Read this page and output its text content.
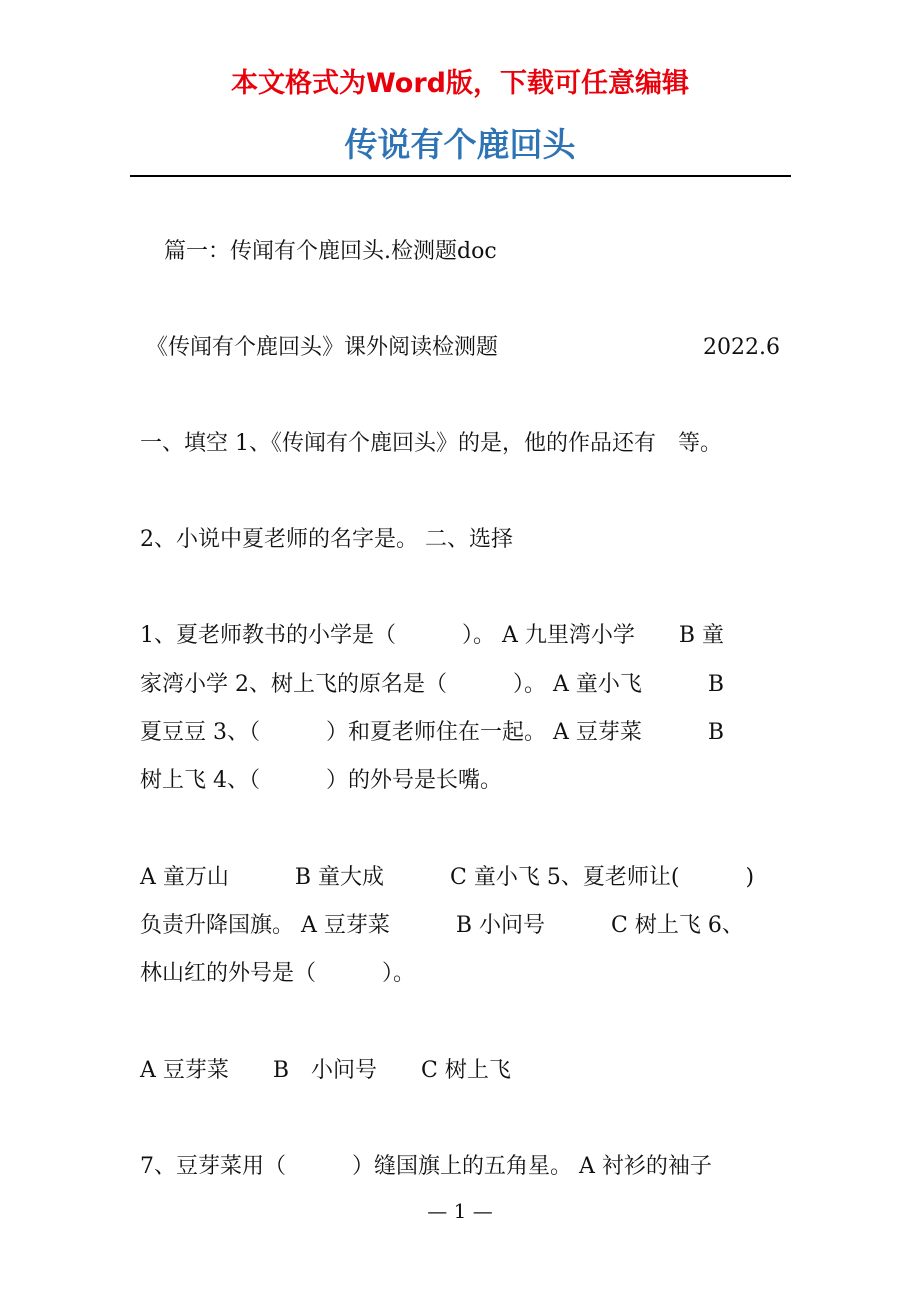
本文格式为Word版，下载可任意编辑
传说有个鹿回头
篇一：传闻有个鹿回头.检测题doc
《传闻有个鹿回头》课外阅读检测题	2022.6
一、填空 1、《传闻有个鹿回头》的是，他的作品还有　等。
2、小说中夏老师的名字是。 二、选择
1、夏老师教书的小学是（　　　）。 A 九里湾小学　　B 童
家湾小学 2、树上飞的原名是（　　　）。 A 童小飞　　　B
夏豆豆 3、（　　　）和夏老师住在一起。 A 豆芽菜　　　B
树上飞 4、（　　　）的外号是长嘴。
A 童万山　　　B 童大成　　　C 童小飞 5、夏老师让(　　　)
负责升降国旗。 A 豆芽菜　　　B 小问号　　　C 树上飞 6、
林山红的外号是（　　　）。
A 豆芽菜　　B　小问号　　C 树上飞
7、豆芽菜用（　　　）缝国旗上的五角星。 A 衬衫的袖子
— 1 —
